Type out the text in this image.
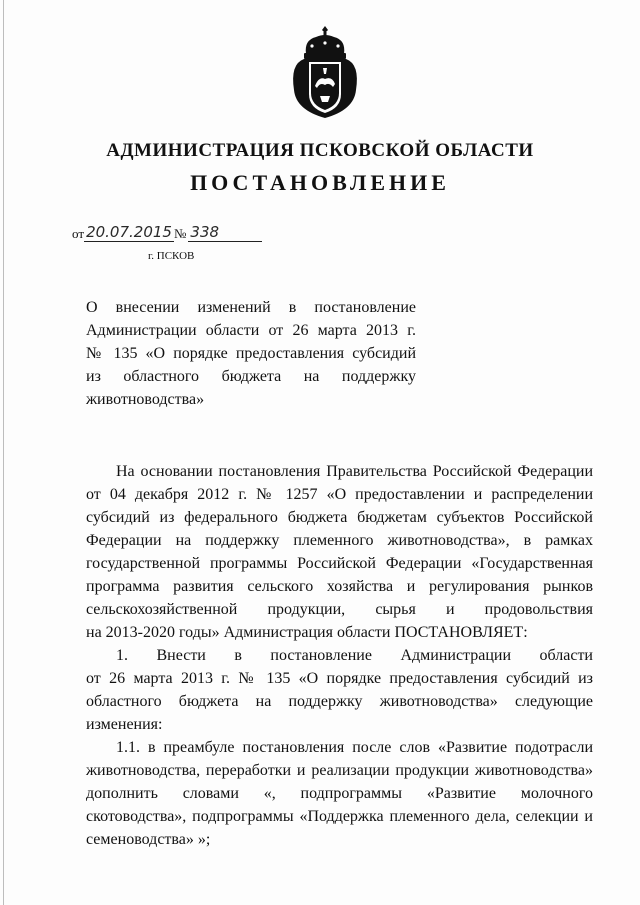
АДМИНИСТРАЦИЯ ПСКОВСКОЙ ОБЛАСТИ
ПОСТАНОВЛЕНИЕ
от 20.07.2015 № 338
г. ПСКОВ
О внесении изменений в постановление
Администрации области от 26 марта 2013 г.
№ 135 «О порядке предоставления субсидий
из областного бюджета на поддержку
животноводства»
На основании постановления Правительства Российской Федерации
от 04 декабря 2012 г. № 1257 «О предоставлении и распределении
субсидий из федерального бюджета бюджетам субъектов Российской
Федерации на поддержку племенного животноводства», в рамках
государственной программы Российской Федерации «Государственная
программа развития сельского хозяйства и регулирования рынков
сельскохозяйственной продукции, сырья и продовольствия
на 2013-2020 годы» Администрация области ПОСТАНОВЛЯЕТ:
1. Внести в постановление Администрации области
от 26 марта 2013 г. № 135 «О порядке предоставления субсидий из
областного бюджета на поддержку животноводства» следующие
изменения:
1.1. в преамбуле постановления после слов «Развитие подотрасли
животноводства, переработки и реализации продукции животноводства»
дополнить словами «, подпрограммы «Развитие молочного
скотоводства», подпрограммы «Поддержка племенного дела, селекции и
семеноводства» »;
